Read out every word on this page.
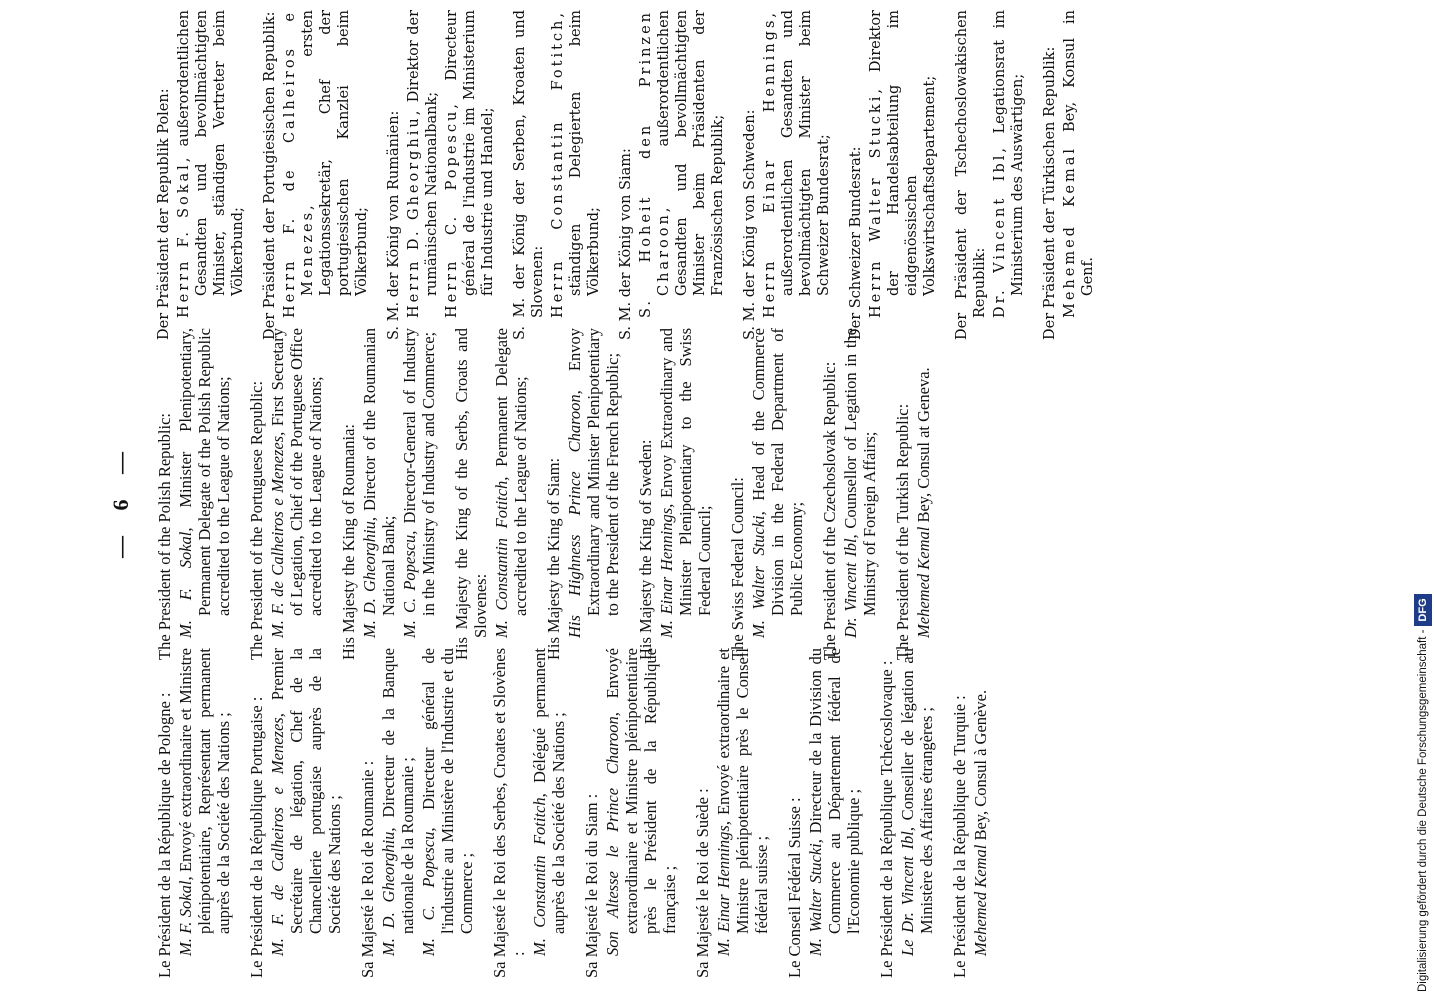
— 6 —
Le Président de la République de Pologne : M. F. Sokal, Envoyé extraordinaire et Ministre plénipotentiaire, Représentant permanent auprès de la Société des Nations ; Le Président de la République Portugaise : M. F. de Calheiros e Menezes, Premier Secrétaire de légation, Chef de la Chancellerie portugaise auprès de la Société des Nations ; Sa Majesté le Roi de Roumanie : M. D. Gheorghiu, Directeur de la Banque nationale de la Roumanie ; M. C. Popescu, Directeur général de l'industrie au Ministère de l'Industrie et du Commerce ; Sa Majesté le Roi des Serbes, Croates et Slovènes : M. Constantin Fotitch, Délégué permanent auprès de la Société des Nations ; Sa Majesté le Roi du Siam : Son Altesse le Prince Charoon, Envoyé extraordinaire et Ministre plénipotentiaire près le Président de la République française ; Sa Majesté le Roi de Suède : M. Einar Hennings, Envoyé extraordinaire et Ministre plénipotentiaire près le Conseil fédéral suisse ; Le Conseil Fédéral Suisse : M. Walter Stucki, Directeur de la Division du Commerce au Département fédéral de l'Economie publique ; Le Président de la République Tchécoslovaque : Le Dr. Vincent Ibl, Conseiller de légation au Ministère des Affaires étrangères ; Le Président de la République de Turquie : Mehemed Kemal Bey, Consul à Genève.
The President of the Polish Republic: M. F. Sokal, Minister Plenipotentiary, Permanent Delegate of the Polish Republic accredited to the League of Nations; The President of the Portuguese Republic: M. F. de Calheiros e Menezes, First Secretary of Legation, Chief of the Portuguese Office accredited to the League of Nations; His Majesty the King of Roumania: M. D. Gheorghiu, Director of the Roumanian National Bank; M. C. Popescu, Director-General of Industry in the Ministry of Industry and Commerce; His Majesty the King of the Serbs, Croats and Slovenes: M. Constantin Fotitch, Permanent Delegate accredited to the League of Nations; His Majesty the King of Siam: His Highness Prince Charoon, Envoy Extraordinary and Minister Plenipotentiary to the President of the French Republic; His Majesty the King of Sweden: M. Einar Hennings, Envoy Extraordinary and Minister Plenipotentiary to the Swiss Federal Council; The Swiss Federal Council: M. Walter Stucki, Head of the Commerce Division in the Federal Department of Public Economy; The President of the Czechoslovak Republic: Dr. Vincent Ibl, Counsellor of Legation in the Ministry of Foreign Affairs; The President of the Turkish Republic: Mehemed Kemal Bey, Consul at Geneva.
Der Präsident der Republik Polen: Herrn F. Sokal, außerordentlichen Gesandten und bevollmächtigten Minister, ständigen Vertreter beim Völkerbund; Der Präsident der Portugiesischen Republik: Herrn F. de Calheiros e Menezes, ersten Legationssekretär, Chef der portugiesischen Kanzlei beim Völkerbund; S. M. der König von Rumänien: Herrn D. Gheorghiu, Direktor der rumänischen Nationalbank; Herrn C. Popescu, Directeur général de l'industrie im Ministerium für Industrie und Handel; S. M. der König der Serben, Kroaten und Slovenen: Herrn Constantin Fotitch, ständigen Delegierten beim Völkerbund; S. M. der König von Siam: S. Hoheit den Prinzen Charoon, außerordentlichen Gesandten und bevollmächtigten Minister beim Präsidenten der Französischen Republik; S. M. der König von Schweden: Herrn Einar Hennings, außerordentlichen Gesandten und bevollmächtigten Minister beim Schweizer Bundesrat; Der Schweizer Bundesrat: Herrn Walter Stucki, Direktor der Handelsabteilung im eidgenössischen Volkswirtschaftsdepartement; Der Präsident der Tschechoslowakischen Republik: Dr. Vincent Ibl, Legationsrat im Ministerium des Auswärtigen; Der Präsident der Türkischen Republik: Mehemed Kemal Bey, Konsul in Genf.
Digitalisierung gefördert durch die Deutsche Forschungsgemeinschaft -DFG
